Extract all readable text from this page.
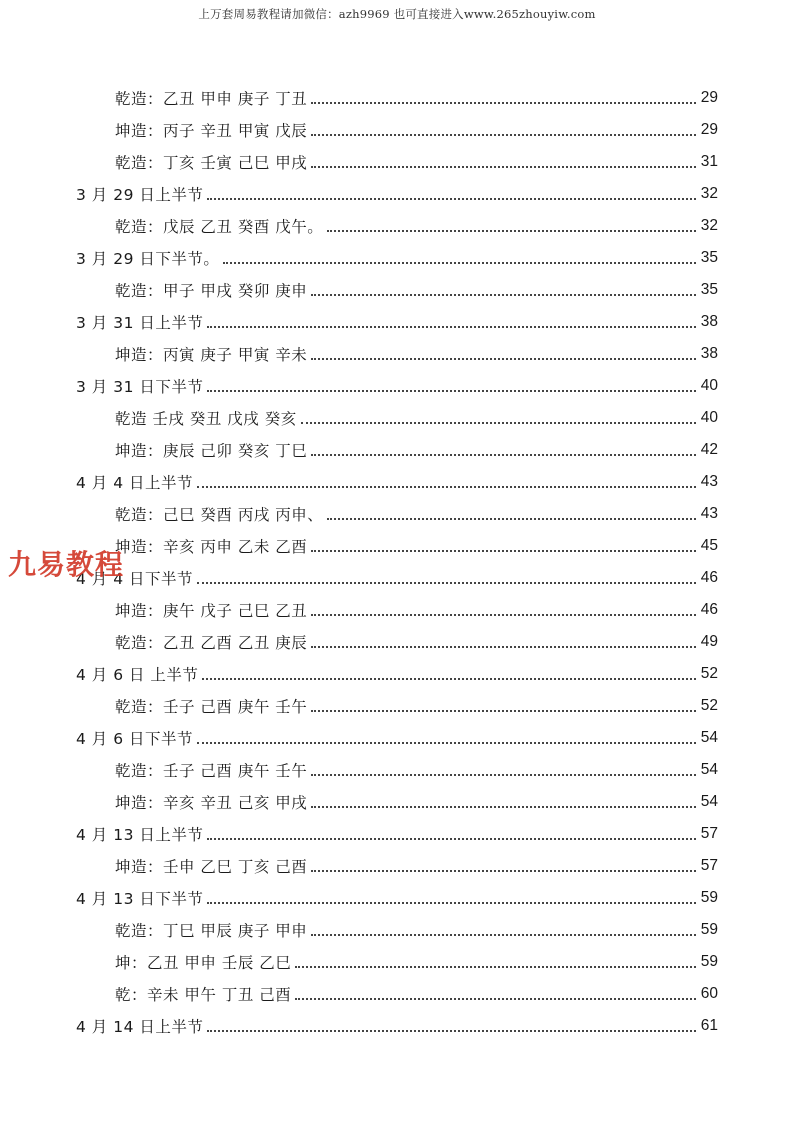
上万套周易教程请加微信：azh9969 也可直接进入www.265zhouyiw.com
乾造：乙丑 甲申 庚子 丁丑	29
坤造：丙子 辛丑 甲寅 戊辰	29
乾造：丁亥 壬寅 己巳 甲戌	31
3 月 29 日上半节	32
乾造：戊辰 乙丑 癸酉 戊午。	32
3 月 29 日下半节。	35
乾造：甲子 甲戌 癸卯 庚申	35
3 月 31 日上半节	38
坤造：丙寅 庚子 甲寅 辛未	38
3 月 31 日下半节	40
乾造 壬戌 癸丑 戊戌 癸亥	40
坤造：庚辰 己卯 癸亥 丁巳	42
4 月 4 日上半节	43
乾造：己巳 癸酉 丙戌 丙申、	43
坤造：辛亥 丙申 乙未 乙酉	45
4 月 4 日下半节	46
坤造：庚午 戊子 己巳 乙丑	46
乾造：乙丑 乙酉 乙丑 庚辰	49
4 月 6 日 上半节	52
乾造：壬子 己酉 庚午 壬午	52
4 月 6 日下半节	54
乾造：壬子 己酉 庚午 壬午	54
坤造：辛亥 辛丑 己亥 甲戌	54
4 月 13 日上半节	57
坤造：壬申 乙巳 丁亥 己酉	57
4 月 13 日下半节	59
乾造：丁巳 甲辰 庚子 甲申	59
坤：乙丑 甲申 壬辰 乙巳	59
乾：辛未 甲午 丁丑 己酉	60
4 月 14 日上半节	61
九易教程
